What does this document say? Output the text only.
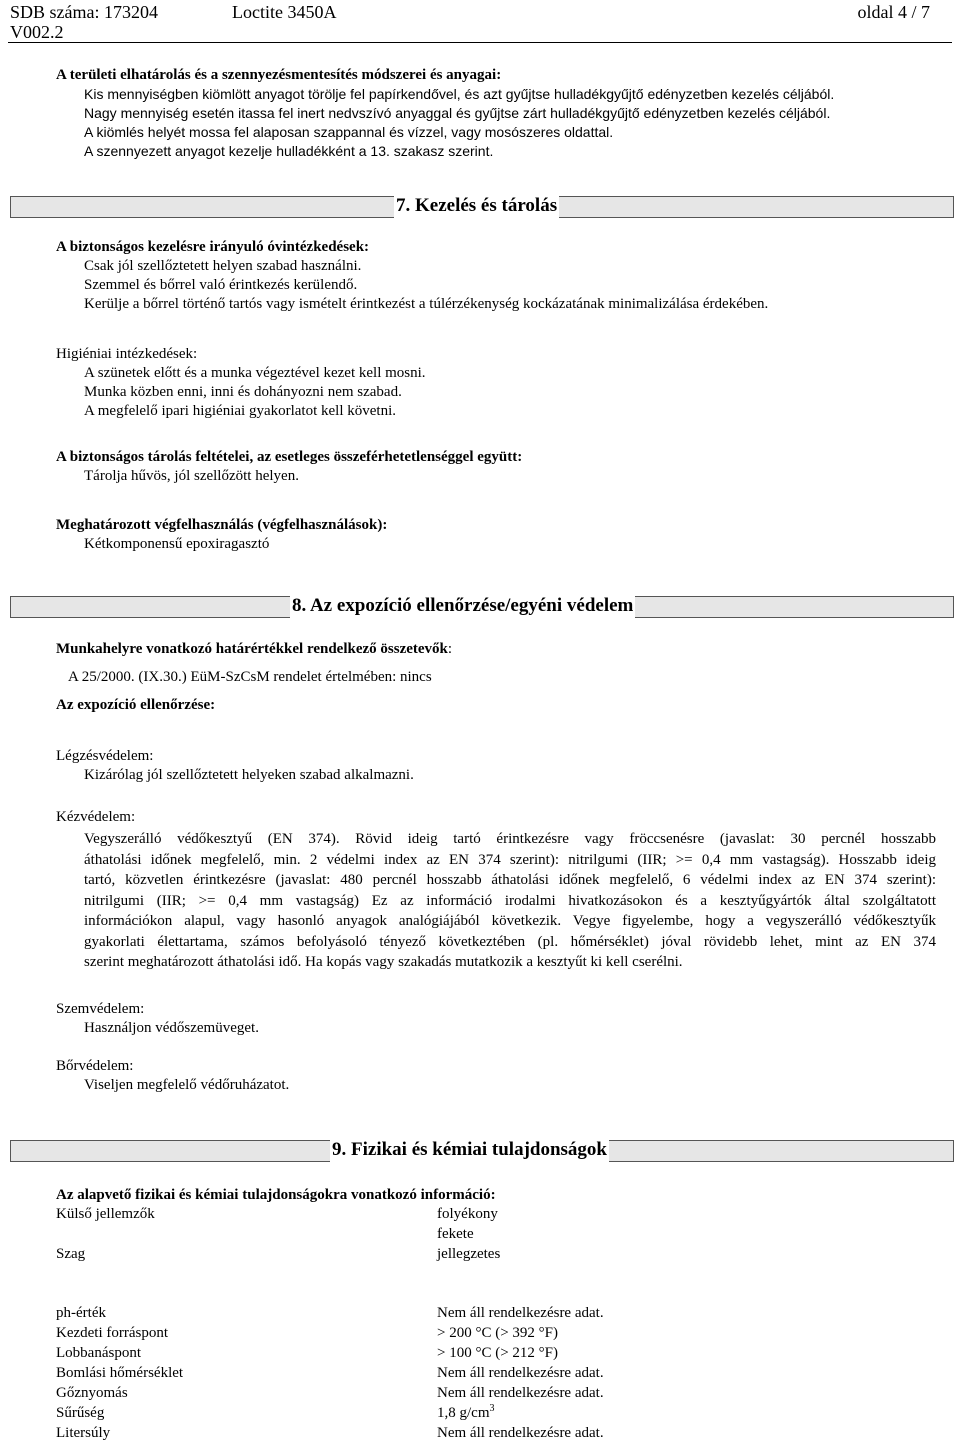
SDB száma: 173204	Loctite 3450A	oldal 4 / 7
V002.2
A területi elhatárolás és a szennyezésmentesítés módszerei és anyagai:
Kis mennyiségben kiömlött anyagot törölje fel papírkendővel, és azt gyűjtse hulladékgyűjtő edényzetben kezelés céljából.
Nagy mennyiség esetén itassa fel inert nedvszívó anyaggal és gyűjtse zárt hulladékgyűjtő edényzetben kezelés céljából.
A kiömlés helyét mossa fel alaposan szappannal és vízzel, vagy mosószeres oldattal.
A szennyezett anyagot kezelje hulladékként a 13. szakasz szerint.
7. Kezelés és tárolás
A biztonságos kezelésre irányuló óvintézkedések:
Csak jól szellőztetett helyen szabad használni.
Szemmel és bőrrel való érintkezés kerülendő.
Kerülje a bőrrel történő tartós vagy ismételt érintkezést a túlérzékenység kockázatának minimalizálása érdekében.
Higiéniai intézkedések:
A szünetek előtt és a munka végeztével kezet kell mosni.
Munka közben enni, inni és dohányozni nem szabad.
A megfelelő ipari higiéniai gyakorlatot kell követni.
A biztonságos tárolás feltételei, az esetleges összeférhetetlenséggel együtt:
Tárolja hűvös, jól szellőzött helyen.
Meghatározott végfelhasználás (végfelhasználások):
Kétkomponensű epoxiragasztó
8. Az expozíció ellenőrzése/egyéni védelem
Munkahelyre vonatkozó határértékkel rendelkező összetevők:
A 25/2000. (IX.30.) EüM-SzCsM rendelet értelmében: nincs
Az expozíció ellenőrzése:
Légzésvédelem:
Kizárólag jól szellőztetett helyeken szabad alkalmazni.
Kézvédelem:
Vegyszerálló védőkesztyű (EN 374). Rövid ideig tartó érintkezésre vagy fröccsenésre (javaslat: 30 percnél hosszabb
áthatolási időnek megfelelő, min. 2 védelmi index az EN 374 szerint): nitrilgumi (IIR; >= 0,4 mm vastagság). Hosszabb ideig
tartó, közvetlen érintkezésre (javaslat: 480 percnél hosszabb áthatolási időnek megfelelő, 6 védelmi index az EN 374 szerint):
nitrilgumi (IIR; >= 0,4 mm vastagság) Ez az információ irodalmi hivatkozásokon és a kesztyűgyártók által szolgáltatott
információkon alapul, vagy hasonló anyagok analógiájából következik. Vegye figyelembe, hogy a vegyszerálló védőkesztyűk
gyakorlati élettartama, számos befolyásoló tényező következtében (pl. hőmérséklet) jóval rövidebb lehet, mint az EN 374
szerint meghatározott áthatolási idő. Ha kopás vagy szakadás mutatkozik a kesztyűt ki kell cserélni.
Szemvédelem:
Használjon védőszemüveget.
Bőrvédelem:
Viseljen megfelelő védőruházatot.
9. Fizikai és kémiai tulajdonságok
Az alapvető fizikai és kémiai tulajdonságokra vonatkozó információ:
Külső jellemzők	folyékony
fekete
Szag	jellegzetes
ph-érték	Nem áll rendelkezésre adat.
Kezdeti forráspont	> 200 °C (> 392 °F)
Lobbanáspont	> 100 °C (> 212 °F)
Bomlási hőmérséklet	Nem áll rendelkezésre adat.
Gőznyomás	Nem áll rendelkezésre adat.
Sűrűség	1,8 $g/cm^3$
Litersúly	Nem áll rendelkezésre adat.
